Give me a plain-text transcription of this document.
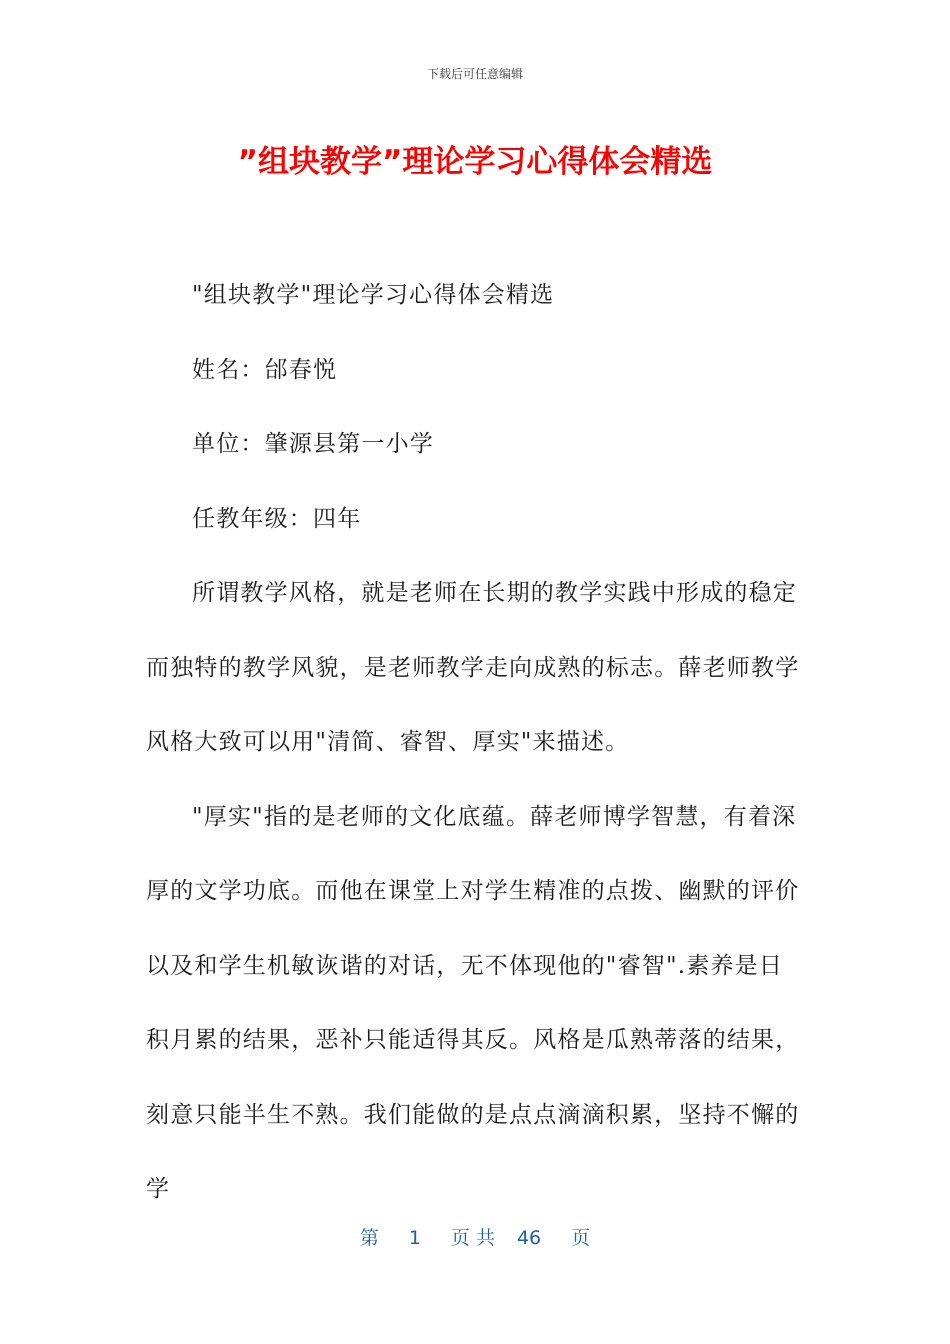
下载后可任意编辑
”组块教学”理论学习心得体会精选

"组块教学"理论学习心得体会精选

姓名：邰春悦

单位：肇源县第一小学

任教年级：四年

所谓教学风格，就是老师在长期的教学实践中形成的稳定而独特的教学风貌，是老师教学走向成熟的标志。薛老师教学风格大致可以用"清简、睿智、厚实"来描述。

"厚实"指的是老师的文化底蕴。薛老师博学智慧，有着深厚的文学功底。而他在课堂上对学生精准的点拨、幽默的评价以及和学生机敏诙谐的对话，无不体现他的"睿智".素养是日积月累的结果，恶补只能适得其反。风格是瓜熟蒂落的结果，刻意只能半生不熟。我们能做的是点点滴滴积累，坚持不懈的学

第 1 页 共 46 页
